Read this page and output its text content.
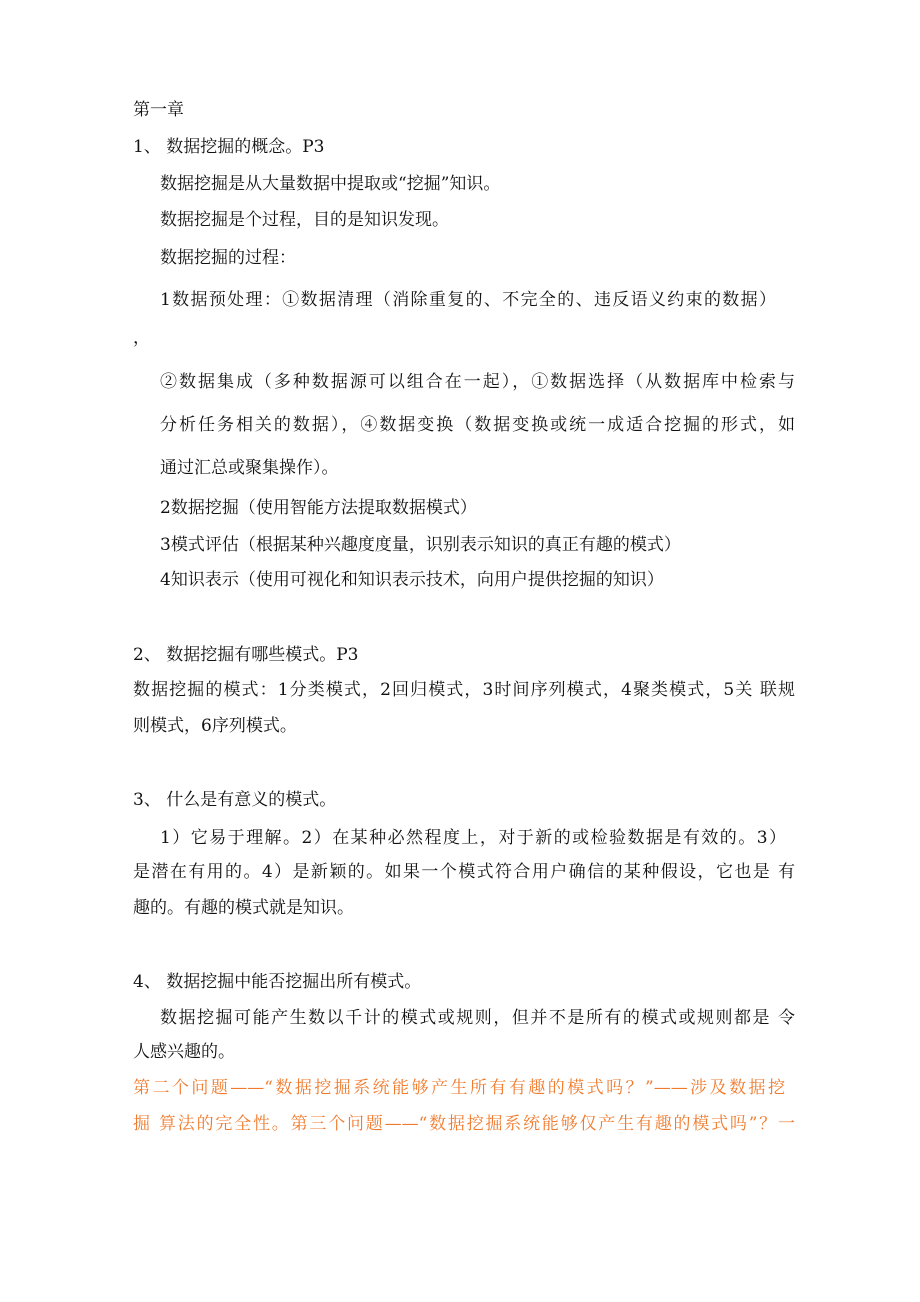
第一章
1、 数据挖掘的概念。P3
数据挖掘是从大量数据中提取或“挖掘”知识。
数据挖掘是个过程，目的是知识发现。
数据挖掘的过程：
1数据预处理：①数据清理（消除重复的、不完全的、违反语义约束的数据）
，
②数据集成（多种数据源可以组合在一起），①数据选择（从数据库中检索与
分析任务相关的数据），④数据变换（数据变换或统一成适合挖掘的形式，如
通过汇总或聚集操作）。
2数据挖掘（使用智能方法提取数据模式）
3模式评估（根据某种兴趣度度量，识别表示知识的真正有趣的模式）
4知识表示（使用可视化和知识表示技术，向用户提供挖掘的知识）
2、 数据挖掘有哪些模式。P3
数据挖掘的模式：1分类模式，2回归模式，3时间序列模式，4聚类模式，5关 联规
则模式，6序列模式。
3、 什么是有意义的模式。
1）它易于理解。2）在某种必然程度上，对于新的或检验数据是有效的。3）
是潜在有用的。4）是新颖的。如果一个模式符合用户确信的某种假设，它也是 有
趣的。有趣的模式就是知识。
4、 数据挖掘中能否挖掘出所有模式。
数据挖掘可能产生数以千计的模式或规则，但并不是所有的模式或规则都是 令
人感兴趣的。
第二个问题——“数据挖掘系统能够产生所有有趣的模式吗？”——涉及数据挖
掘 算法的完全性。第三个问题——“数据挖掘系统能够仅产生有趣的模式吗”？一
